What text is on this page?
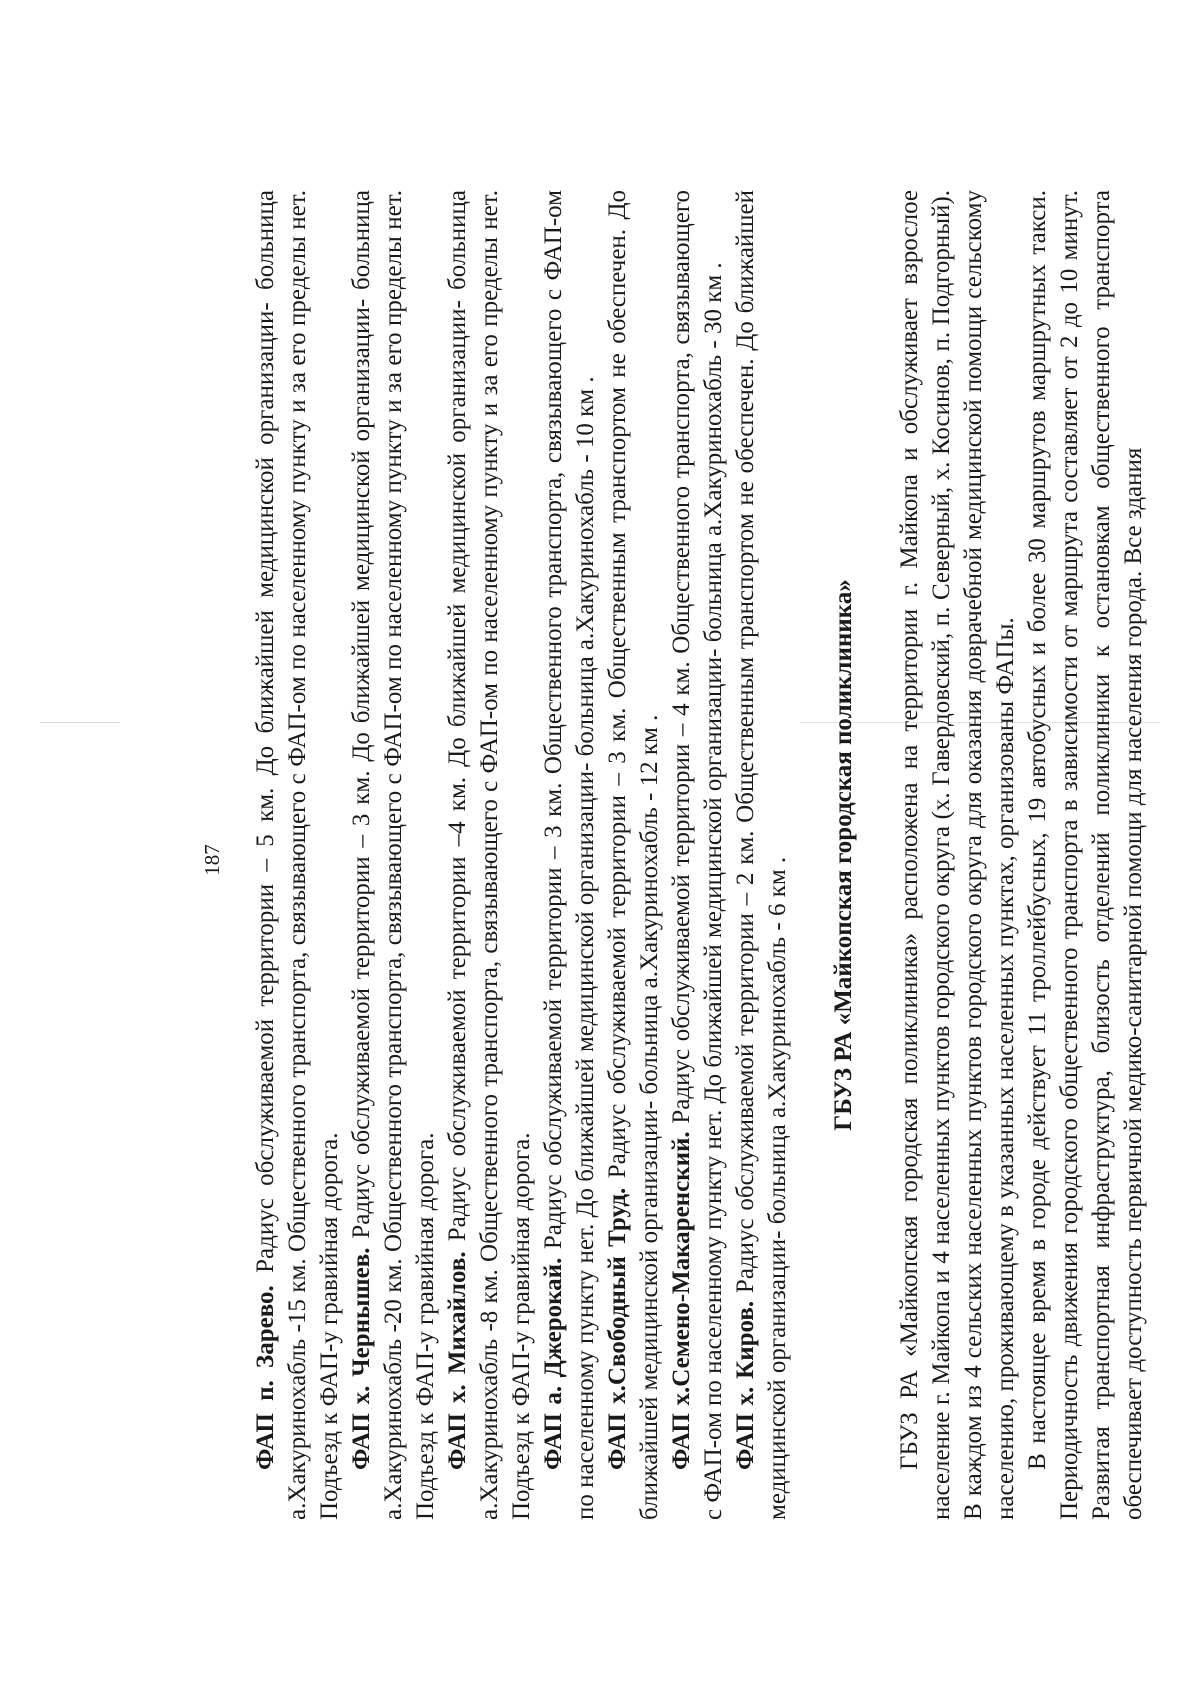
187

ФАП п. Зарево. Радиус обслуживаемой территории – 5 км. До ближайшей медицинской организации- больница а.Хакуринохабль -15 км. Общественного транспорта, связывающего с ФАП-ом по населенному пункту и за его пределы нет. Подъезд к ФАП-у гравийная дорога. ФАП х. Чернышев. Радиус обслуживаемой территории – 3 км. До ближайшей медицинской организации- больница а.Хакуринохабль -20 км. Общественного транспорта, связывающего с ФАП-ом по населенному пункту и за его пределы нет. Подъезд к ФАП-у гравийная дорога. ФАП х. Михайлов. Радиус обслуживаемой территории –4 км. До ближайшей медицинской организации- больница а.Хакуринохабль -8 км. Общественного транспорта, связывающего с ФАП-ом по населенному пункту и за его пределы нет. Подъезд к ФАП-у гравийная дорога. ФАП а. Джерокай. Радиус обслуживаемой территории – 3 км. Общественного транспорта, связывающего с ФАП-ом по населенному пункту нет. До ближайшей медицинской организации- больница а.Хакуринохабль - 10 км . ФАП х.Свободный Труд. Радиус обслуживаемой территории – 3 км. Общественным транспортом не обеспечен. До ближайшей медицинской организации- больница а.Хакуринохабль - 12 км . ФАП х.Семено-Макаренский. Радиус обслуживаемой территории – 4 км. Общественного транспорта, связывающего с ФАП-ом по населенному пункту нет. До ближайшей медицинской организации- больница а.Хакуринохабль - 30 км . ФАП х. Киров. Радиус обслуживаемой территории – 2 км. Общественным транспортом не обеспечен. До ближайшей медицинской организации- больница а.Хакуринохабль - 6 км .

ГБУЗ РА «Майкопская городская поликлиника» ГБУЗ РА «Майкопская городская поликлиника» расположена на территории г. Майкопа и обслуживает взрослое население г. Майкопа и 4 населенных пунктов городского округа (х. Гавердовский, п. Северный, х. Косинов, п. Подгорный). В каждом из 4 сельских населенных пунктов городского округа для оказания доврачебной медицинской помощи сельскому населению, проживающему в указанных населенных пунктах, организованы ФАПы. В настоящее время в городе действует 11 троллейбусных, 19 автобусных и более 30 маршрутов маршрутных такси. Периодичность движения городского общественного транспорта в зависимости от маршрута составляет от 2 до 10 минут. Развитая транспортная инфраструктура, близость отделений поликлиники к остановкам общественного транспорта обеспечивает доступность первичной медико-санитарной помощи для населения города. Все здания
